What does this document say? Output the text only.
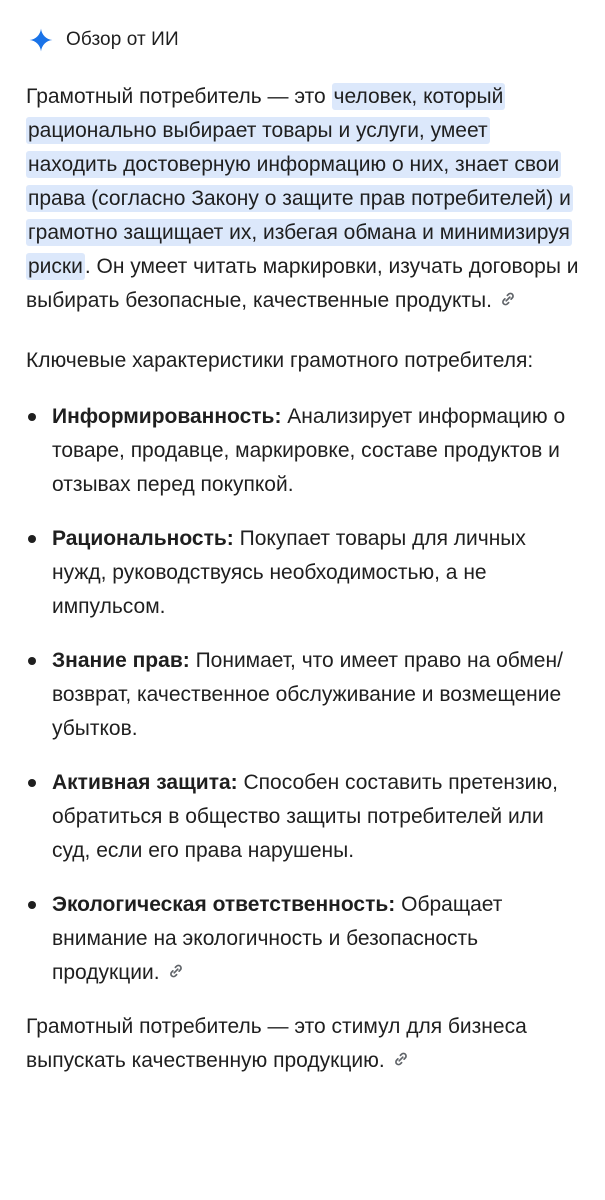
Обзор от ИИ

Грамотный потребитель — это человек, который рационально выбирает товары и услуги, умеет находить достоверную информацию о них, знает свои права (согласно Закону о защите прав потребителей) и грамотно защищает их, избегая обмана и минимизируя риски. Он умеет читать маркировки, изучать договоры и выбирать безопасные, качественные продукты.

Ключевые характеристики грамотного потребителя:

Информированность: Анализирует информацию о товаре, продавце, маркировке, составе продуктов и отзывах перед покупкой.
Рациональность: Покупает товары для личных нужд, руководствуясь необходимостью, а не импульсом.
Знание прав: Понимает, что имеет право на обмен/возврат, качественное обслуживание и возмещение убытков.
Активная защита: Способен составить претензию, обратиться в общество защиты потребителей или суд, если его права нарушены.
Экологическая ответственность: Обращает внимание на экологичность и безопасность продукции.

Грамотный потребитель — это стимул для бизнеса выпускать качественную продукцию.
